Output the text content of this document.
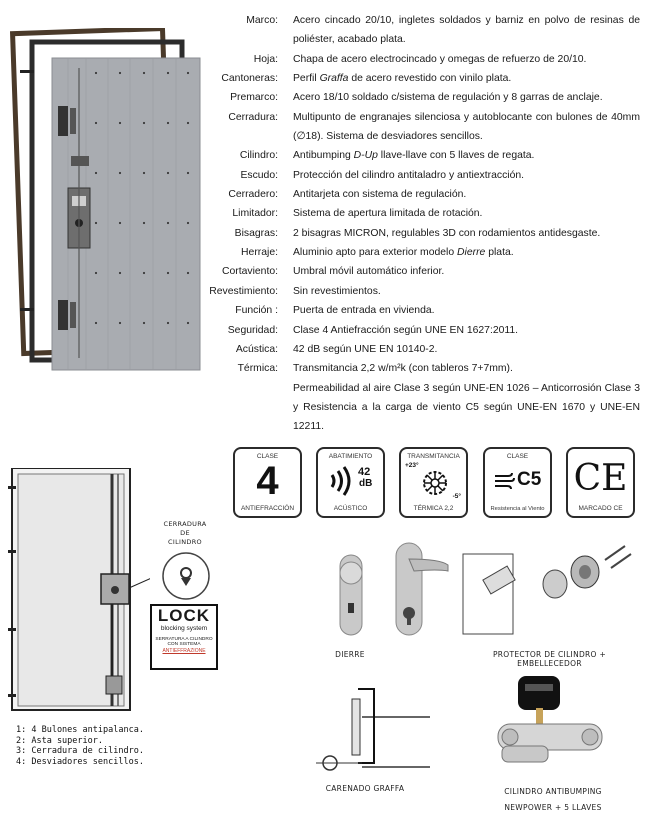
Marco:	Acero cincado 20/10, ingletes soldados y barniz en polvo de resinas de poliéster, acabado plata.
Hoja:	Chapa de acero electrocincado y omegas de refuerzo de 20/10.
Cantoneras:	Perfil Graffa de acero revestido con vinilo plata.
Premarco:	Acero 18/10 soldado c/sistema de regulación y 8 garras de anclaje.
Cerradura:	Multipunto de engranajes silenciosa y autoblocante con bulones de 40mm (∅18). Sistema de desviadores sencillos.
Cilindro:	Antibumping D-Up llave-llave con 5 llaves de regata.
Escudo:	Protección del cilindro antitaladro y antiextracción.
Cerradero:	Antitarjeta con sistema de regulación.
Limitador:	Sistema de apertura limitada de rotación.
Bisagras:	2 bisagras MICRON, regulables 3D con rodamientos antidesgaste.
Herraje:	Aluminio apto para exterior modelo Dierre plata.
Cortaviento:	Umbral móvil automático inferior.
Revestimiento:	Sin revestimientos.
Función :	Puerta de entrada en vivienda.
Seguridad:	Clase 4 Antiefracción según UNE EN 1627:2011.
Acústica:	42 dB según UNE EN 10140-2.
Térmica:	Transmitancia 2,2 w/m²k (con tableros 7+7mm).
Permeabilidad al aire Clase 3 según UNE-EN 1026 – Anticorrosión Clase 3 y Resistencia a la carga de viento C5 según UNE-EN 1670 y UNE-EN 12211.
CLASE
4
ANTIEFRACCIÓN
ABATIMIENTO
42
dB
ACÚSTICO
TRANSMITANCIA
+23°
-5°
TÉRMICA 2,2
CLASE
C5
Resistencia al Viento
CE
MARCADO CE
CERRADURA
DE
CILINDRO
LOCK
blocking system
SERRATURA A CILINDRO CON SISTEMA
ANTIEFFRAZIONE
1: 4 Bulones antipalanca.
2: Asta superior.
3: Cerradura de cilindro.
4: Desviadores sencillos.
DIERRE	PROTECTOR DE CILINDRO +
EMBELLECEDOR
CARENADO GRAFFA	CILINDRO ANTIBUMPING
NEWPOWER + 5 LLAVES
